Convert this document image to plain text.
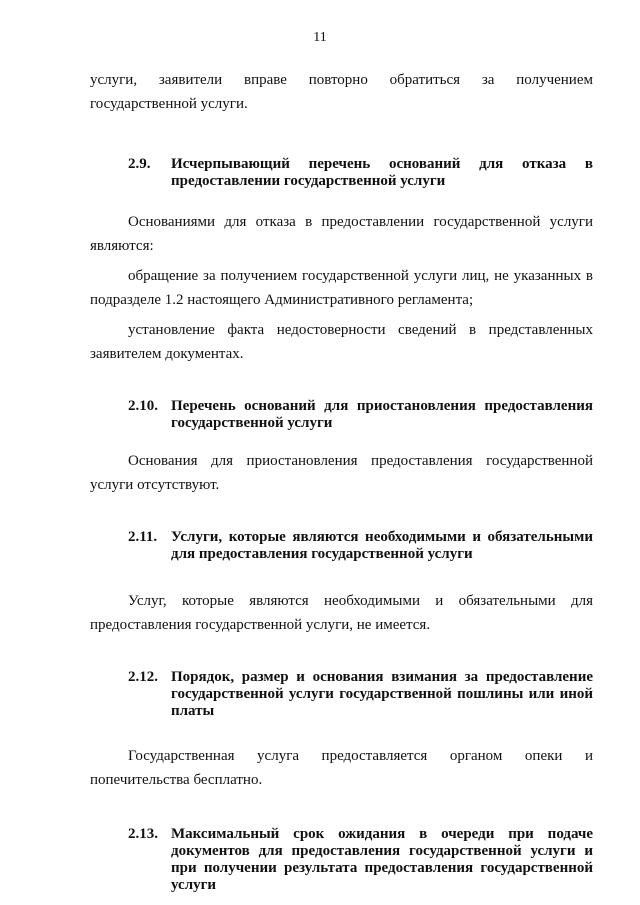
11

услуги, заявители вправе повторно обратиться за получением государственной услуги.

2.9.	Исчерпывающий перечень оснований для отказа в предоставлении государственной услуги

Основаниями для отказа в предоставлении государственной услуги являются:

обращение за получением государственной услуги лиц, не указанных в подразделе 1.2 настоящего Административного регламента;

установление факта недостоверности сведений в представленных заявителем документах.

2.10. Перечень оснований для приостановления предоставления государственной услуги

Основания для приостановления предоставления государственной услуги отсутствуют.

2.11. Услуги, которые являются необходимыми и обязательными для предоставления государственной услуги

Услуг, которые являются необходимыми и обязательными для предоставления государственной услуги, не имеется.

2.12. Порядок, размер и основания взимания за предоставление государственной услуги государственной пошлины или иной платы

Государственная услуга предоставляется органом опеки и попечительства бесплатно.

2.13. Максимальный срок ожидания в очереди при подаче документов для предоставления государственной услуги и при получении результата предоставления государственной услуги
